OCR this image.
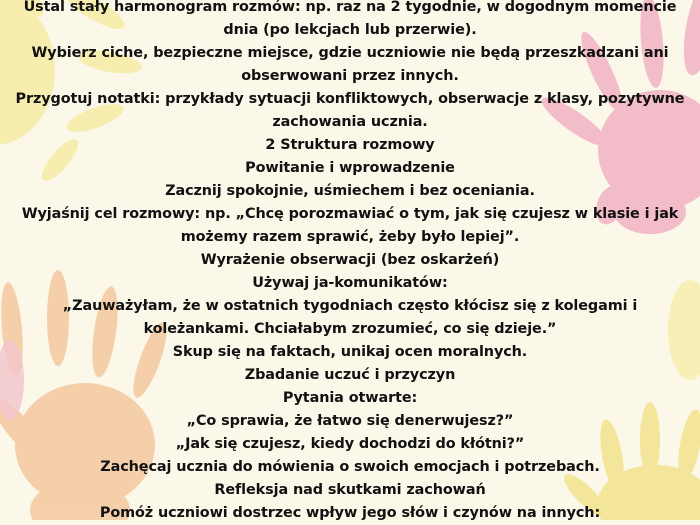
Ustal stały harmonogram rozmów: np. raz na 2 tygodnie, w dogodnym momencie
dnia (po lekcjach lub przerwie).
Wybierz ciche, bezpieczne miejsce, gdzie uczniowie nie będą przeszkadzani ani
obserwowani przez innych.
Przygotuj notatki: przykłady sytuacji konfliktowych, obserwacje z klasy, pozytywne
zachowania ucznia.
2 Struktura rozmowy
Powitanie i wprowadzenie
Zacznij spokojnie, uśmiechem i bez oceniania.
Wyjaśnij cel rozmowy: np. „Chcę porozmawiać o tym, jak się czujesz w klasie i jak
możemy razem sprawić, żeby było lepiej”.
Wyrażenie obserwacji (bez oskarżeń)
Używaj ja-komunikatów:
„Zauważyłam, że w ostatnich tygodniach często kłócisz się z kolegami i
koleżankami. Chciałabym zrozumieć, co się dzieje.”
Skup się na faktach, unikaj ocen moralnych.
Zbadanie uczuć i przyczyn
Pytania otwarte:
„Co sprawia, że łatwo się denerwujesz?”
„Jak się czujesz, kiedy dochodzi do kłótni?”
Zachęcaj ucznia do mówienia o swoich emocjach i potrzebach.
Refleksja nad skutkami zachowań
Pomóż uczniowi dostrzec wpływ jego słów i czynów na innych:
